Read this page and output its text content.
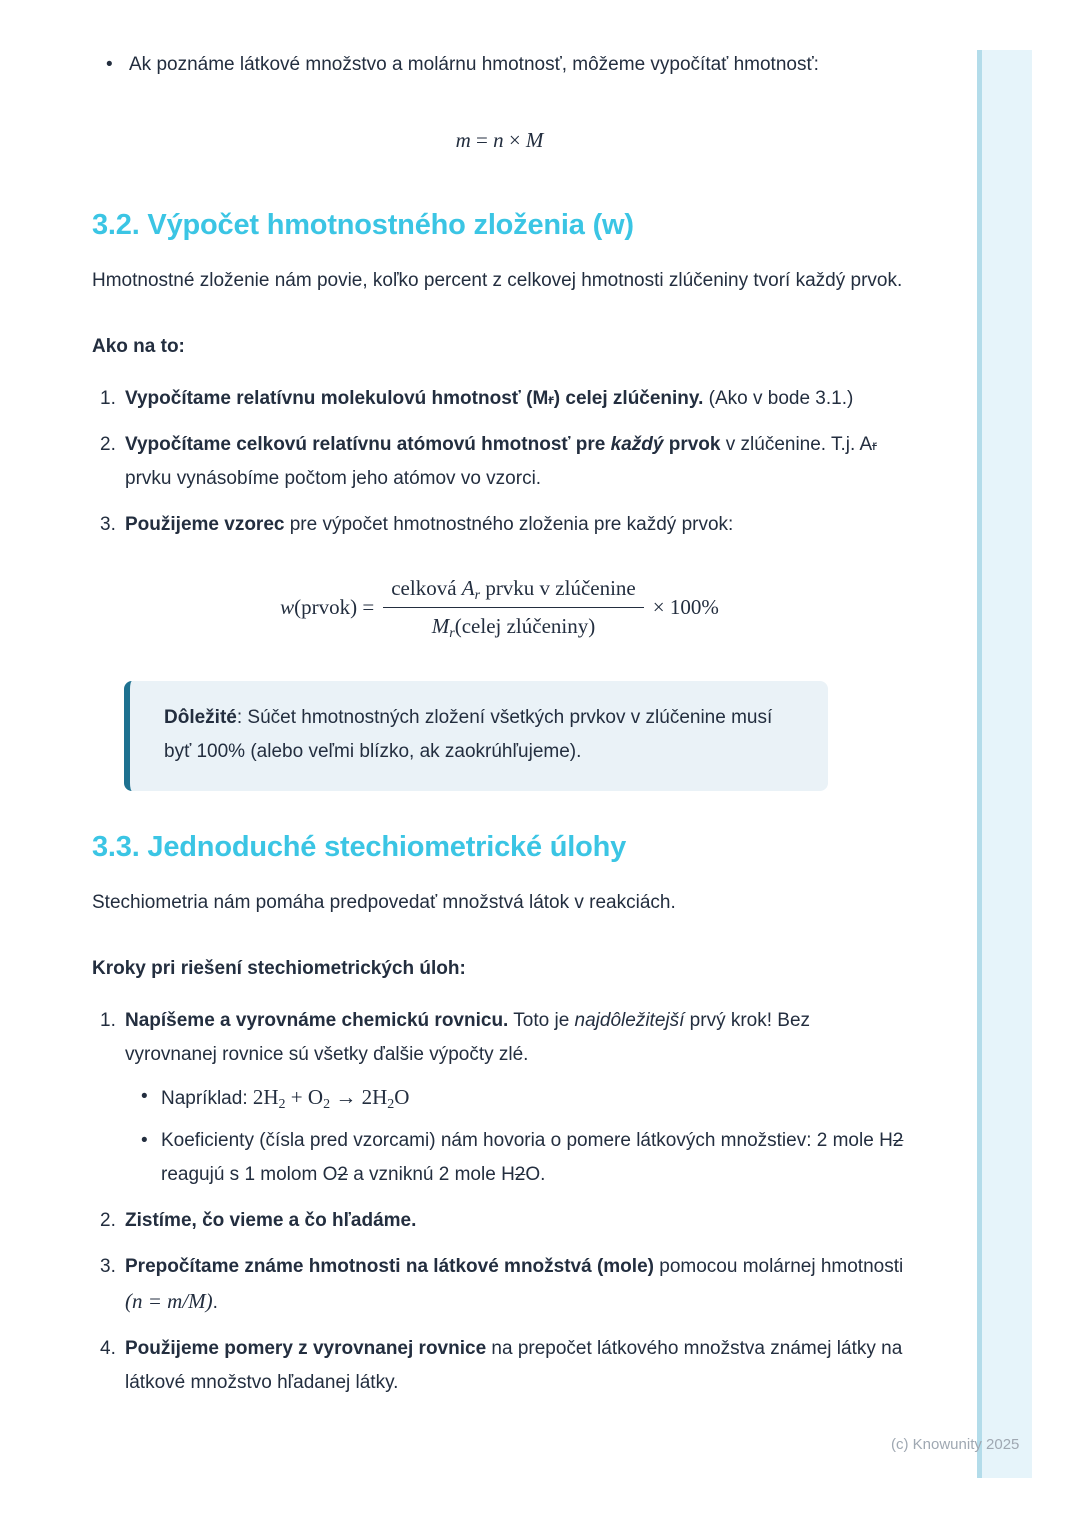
(c) Knowunity 2025
• Ak poznáme látkové množstvo a molárnu hmotnosť, môžeme vypočítať hmotnosť:
m = n × M
3.2. Výpočet hmotnostného zloženia (w)

Hmotnostné zloženie nám povie, koľko percent z celkovej hmotnosti zlúčeniny tvorí každý prvok.

Ako na to:

1. Vypočítame relatívnu molekulovú hmotnosť (Mr) celej zlúčeniny. (Ako v bode 3.1.)
2. Vypočítame celkovú relatívnu atómovú hmotnosť pre každý prvok v zlúčenine. T.j. Ar prvku vynásobíme počtom jeho atómov vo vzorci.
3. Použijeme vzorec pre výpočet hmotnostného zloženia pre každý prvok:
w(prvok) = $\frac{celková A_r prvku v zlúčenine}{M_r(celej zlúčeniny)} \times 100\%$
Dôležité: Súčet hmotnostných zložení všetkých prvkov v zlúčenine musí byť 100% (alebo veľmi blízko, ak zaokrúhľujeme).
3.3. Jednoduché stechiometrické úlohy

Stechiometria nám pomáha predpovedať množstvá látok v reakciách.

Kroky pri riešení stechiometrických úloh:

1. Napíšeme a vyrovnáme chemickú rovnicu. Toto je najdôležitejší prvý krok! Bez vyrovnanej rovnice sú všetky ďalšie výpočty zlé.
• Napríklad: $2H_2 + O_2 \to 2H_2O$
• Koeficienty (čísla pred vzorcami) nám hovoria o pomere látkových množstiev: 2 mole H2 reagujú s 1 molom O2 a vzniknú 2 mole H2O.
2. Zistíme, čo vieme a čo hľadáme.
3. Prepočítame známe hmotnosti na látkové množstvá (mole) pomocou molárnej hmotnosti (n = m/M).
4. Použijeme pomery z vyrovnanej rovnice na prepočet látkového množstva známej látky na látkové množstvo hľadanej látky.
